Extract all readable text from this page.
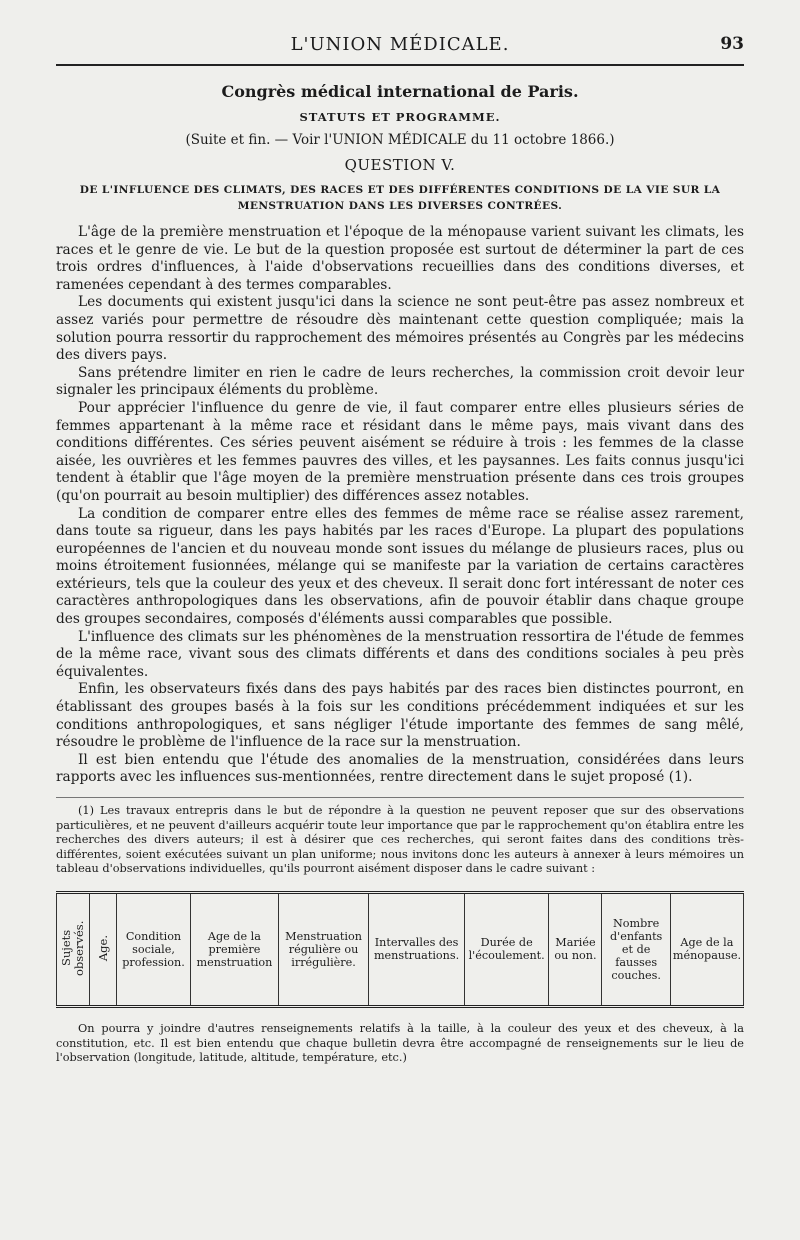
L'UNION MÉDICALE.	93
Congrès médical international de Paris.
STATUTS ET PROGRAMME.
(Suite et fin. — Voir l'UNION MÉDICALE du 11 octobre 1866.)
QUESTION V.
DE L'INFLUENCE DES CLIMATS, DES RACES ET DES DIFFÉRENTES CONDITIONS DE LA VIE SUR LA MENSTRUATION DANS LES DIVERSES CONTRÉES.

L'âge de la première menstruation et l'époque de la ménopause varient suivant les climats, les races et le genre de vie. Le but de la question proposée est surtout de déterminer la part de ces trois ordres d'influences, à l'aide d'observations recueillies dans des conditions diverses, et ramenées cependant à des termes comparables.

Les documents qui existent jusqu'ici dans la science ne sont peut-être pas assez nombreux et assez variés pour permettre de résoudre dès maintenant cette question compliquée; mais la solution pourra ressortir du rapprochement des mémoires présentés au Congrès par les médecins des divers pays.

Sans prétendre limiter en rien le cadre de leurs recherches, la commission croit devoir leur signaler les principaux éléments du problème.

Pour apprécier l'influence du genre de vie, il faut comparer entre elles plusieurs séries de femmes appartenant à la même race et résidant dans le même pays, mais vivant dans des conditions différentes. Ces séries peuvent aisément se réduire à trois : les femmes de la classe aisée, les ouvrières et les femmes pauvres des villes, et les paysannes. Les faits connus jusqu'ici tendent à établir que l'âge moyen de la première menstruation présente dans ces trois groupes (qu'on pourrait au besoin multiplier) des différences assez notables.

La condition de comparer entre elles des femmes de même race se réalise assez rarement, dans toute sa rigueur, dans les pays habités par les races d'Europe. La plupart des populations européennes de l'ancien et du nouveau monde sont issues du mélange de plusieurs races, plus ou moins étroitement fusionnées, mélange qui se manifeste par la variation de certains caractères extérieurs, tels que la couleur des yeux et des cheveux. Il serait donc fort intéressant de noter ces caractères anthropologiques dans les observations, afin de pouvoir établir dans chaque groupe des groupes secondaires, composés d'éléments aussi comparables que possible.

L'influence des climats sur les phénomènes de la menstruation ressortira de l'étude de femmes de la même race, vivant sous des climats différents et dans des conditions sociales à peu près équivalentes.

Enfin, les observateurs fixés dans des pays habités par des races bien distinctes pourront, en établissant des groupes basés à la fois sur les conditions précédemment indiquées et sur les conditions anthropologiques, et sans négliger l'étude importante des femmes de sang mêlé, résoudre le problème de l'influence de la race sur la menstruation.

Il est bien entendu que l'étude des anomalies de la menstruation, considérées dans leurs rapports avec les influences sus-mentionnées, rentre directement dans le sujet proposé (1).

(1) Les travaux entrepris dans le but de répondre à la question ne peuvent reposer que sur des observations particulières, et ne peuvent d'ailleurs acquérir toute leur importance que par le rapprochement qu'on établira entre les recherches des divers auteurs; il est à désirer que ces recherches, qui seront faites dans des conditions très-différentes, soient exécutées suivant un plan uniforme; nous invitons donc les auteurs à annexer à leurs mémoires un tableau d'observations individuelles, qu'ils pourront aisément disposer dans le cadre suivant :

Sujets observés.	Age.	Condition sociale, profession.	Age de la première menstruation	Menstruation régulière ou irrégulière.	Intervalles des menstruations.	Durée de l'écoulement.	Mariée ou non.	Nombre d'enfants et de fausses couches.	Age de la ménopause.

On pourra y joindre d'autres renseignements relatifs à la taille, à la couleur des yeux et des cheveux, à la constitution, etc. Il est bien entendu que chaque bulletin devra être accompagné de renseignements sur le lieu de l'observation (longitude, latitude, altitude, température, etc.)
